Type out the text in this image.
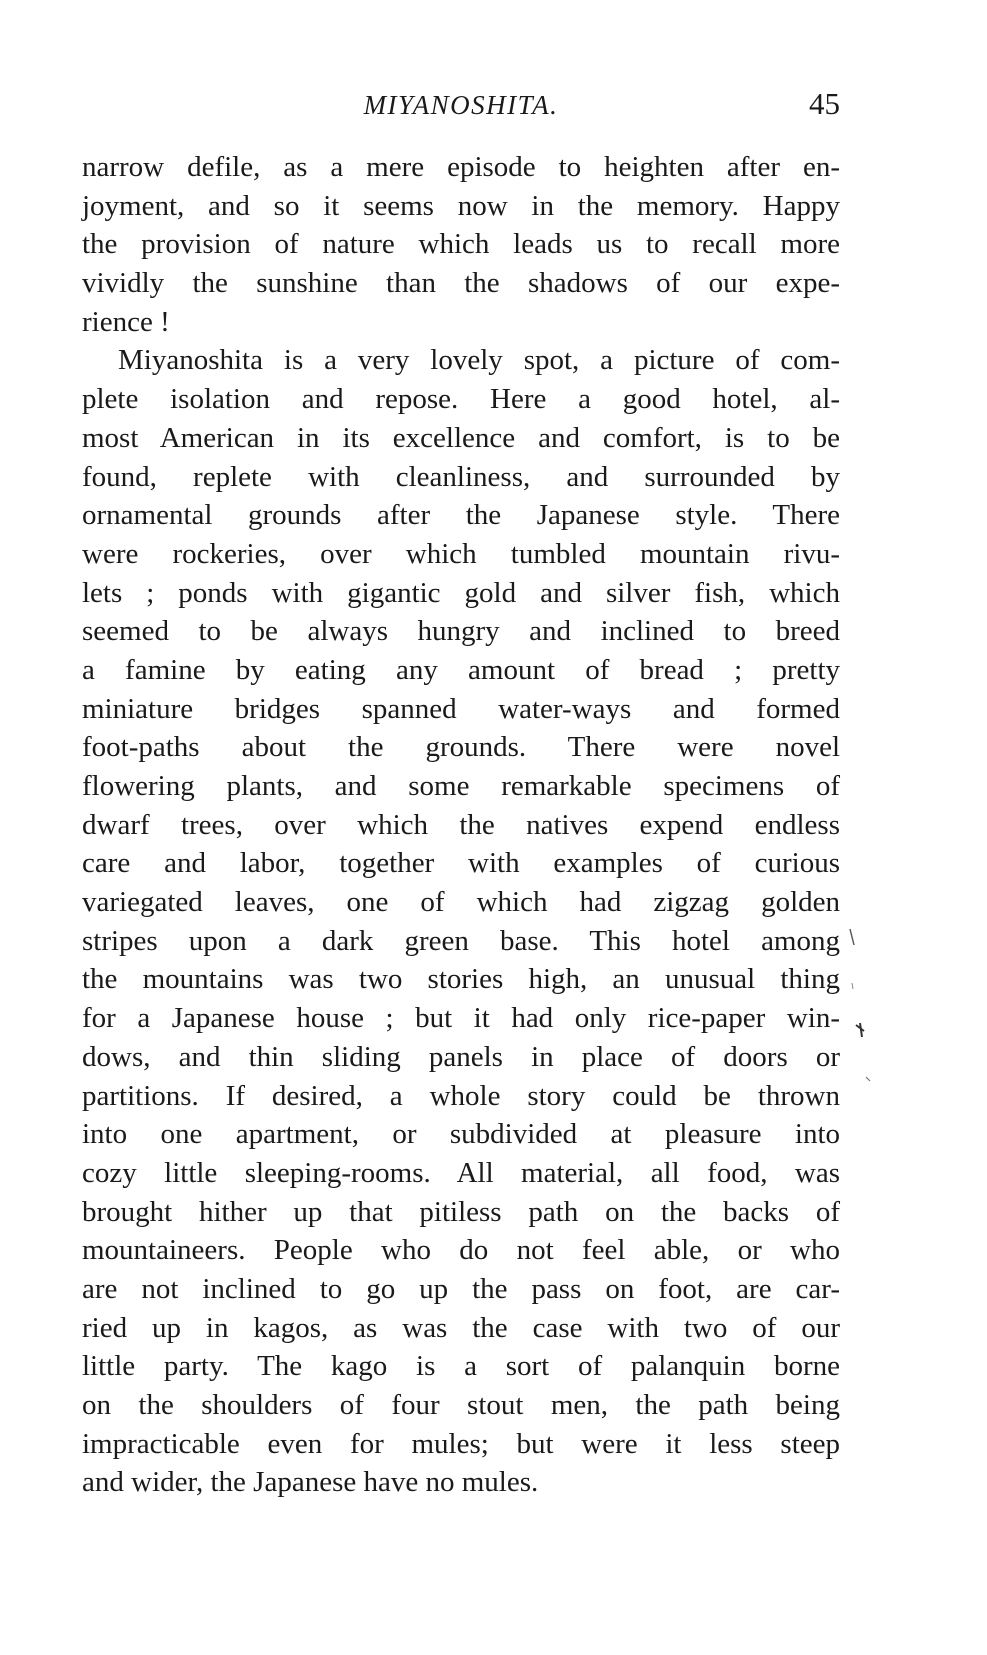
MIYANOSHITA.	45
narrow defile, as a mere episode to heighten after en-
joyment, and so it seems now in the memory. Happy
the provision of nature which leads us to recall more
vividly the sunshine than the shadows of our expe-
rience !
Miyanoshita is a very lovely spot, a picture of com-
plete isolation and repose. Here a good hotel, al-
most American in its excellence and comfort, is to be
found, replete with cleanliness, and surrounded by
ornamental grounds after the Japanese style. There
were rockeries, over which tumbled mountain rivu-
lets ; ponds with gigantic gold and silver fish, which
seemed to be always hungry and inclined to breed
a famine by eating any amount of bread ; pretty
miniature bridges spanned water-ways and formed
foot-paths about the grounds. There were novel
flowering plants, and some remarkable specimens of
dwarf trees, over which the natives expend endless
care and labor, together with examples of curious
variegated leaves, one of which had zigzag golden
stripes upon a dark green base. This hotel among
the mountains was two stories high, an unusual thing
for a Japanese house ; but it had only rice-paper win-
dows, and thin sliding panels in place of doors or
partitions. If desired, a whole story could be thrown
into one apartment, or subdivided at pleasure into
cozy little sleeping-rooms. All material, all food, was
brought hither up that pitiless path on the backs of
mountaineers. People who do not feel able, or who
are not inclined to go up the pass on foot, are car-
ried up in kagos, as was the case with two of our
little party. The kago is a sort of palanquin borne
on the shoulders of four stout men, the path being
impracticable even for mules; but were it less steep
and wider, the Japanese have no mules.
